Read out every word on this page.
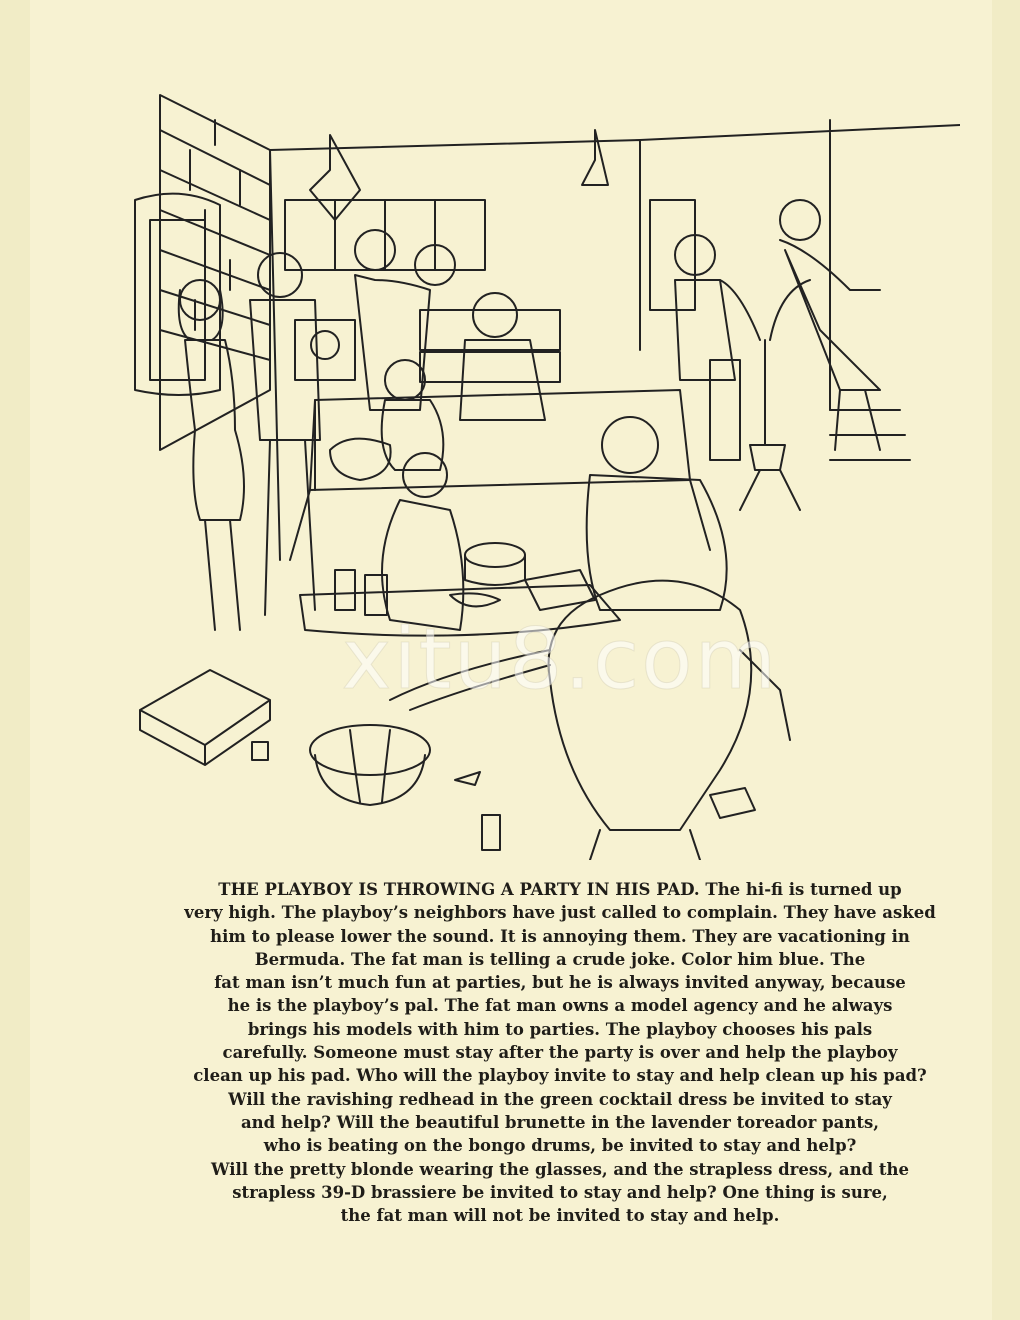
xitu8.com
THE PLAYBOY IS THROWING A PARTY IN HIS PAD. The hi-fi is turned up
very high. The playboy’s neighbors have just called to complain. They have asked
him to please lower the sound. It is annoying them. They are vacationing in
Bermuda. The fat man is telling a crude joke. Color him blue. The
fat man isn’t much fun at parties, but he is always invited anyway, because
he is the playboy’s pal. The fat man owns a model agency and he always
brings his models with him to parties. The playboy chooses his pals
carefully. Someone must stay after the party is over and help the playboy
clean up his pad. Who will the playboy invite to stay and help clean up his pad?
Will the ravishing redhead in the green cocktail dress be invited to stay
and help? Will the beautiful brunette in the lavender toreador pants,
who is beating on the bongo drums, be invited to stay and help?
Will the pretty blonde wearing the glasses, and the strapless dress, and the
strapless 39-D brassiere be invited to stay and help? One thing is sure,
the fat man will not be invited to stay and help.
